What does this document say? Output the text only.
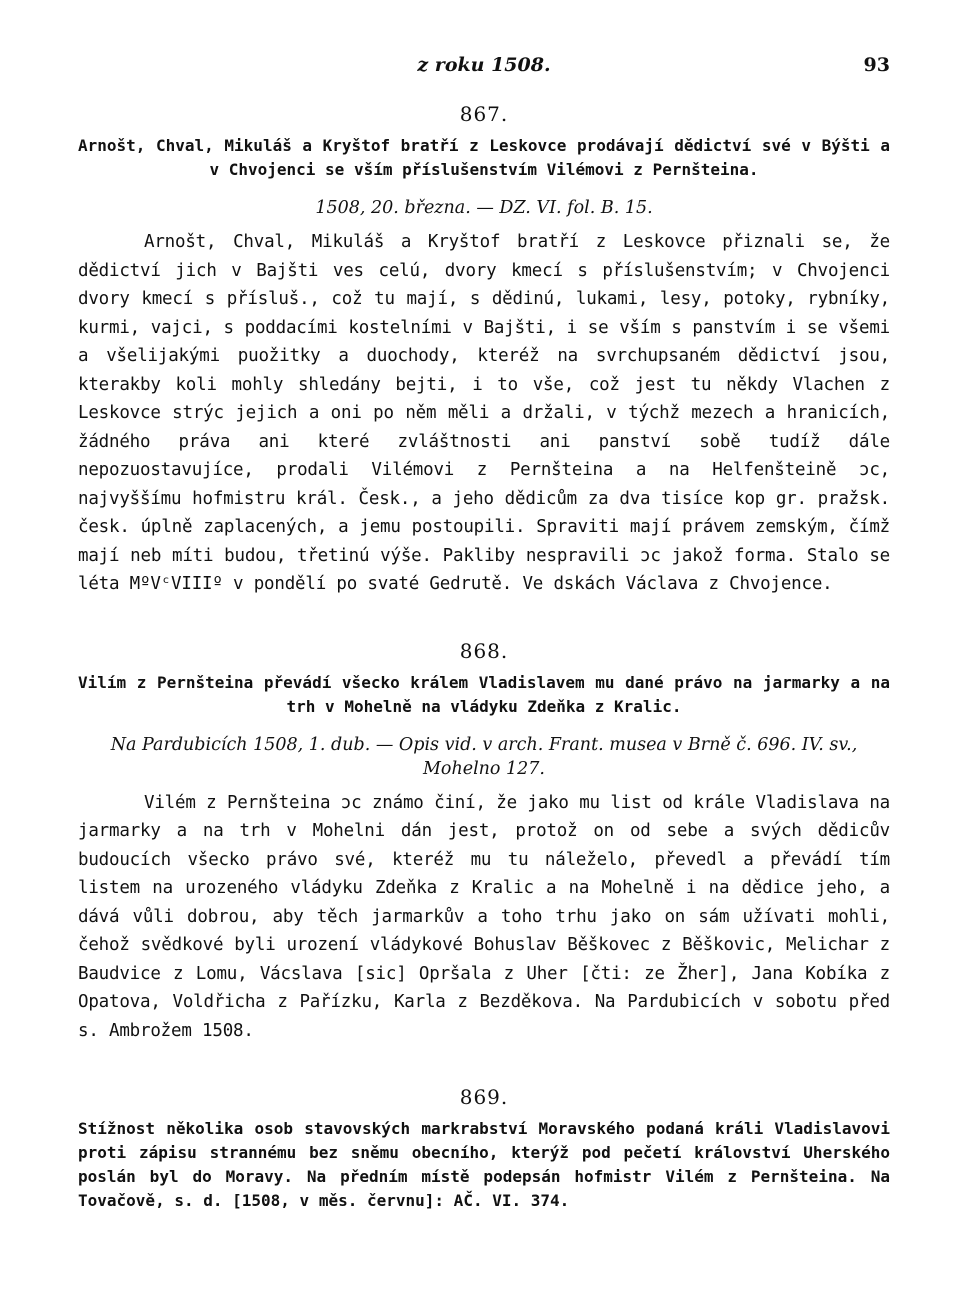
z roku 1508.	93
867.

Arnošt, Chval, Mikuláš a Kryštof bratří z Leskovce prodávají dědictví své v Býšti a v Chvojenci se vším příslušenstvím Vilémovi z Pernšteina.

1508, 20. března. — DZ. VI. fol. B. 15.

Arnošt, Chval, Mikuláš a Kryštof bratří z Leskovce přiznali se, že dědictví jich v Bajšti ves celú, dvory kmecí s příslušenstvím; v Chvojenci dvory kmecí s přísluš., což tu mají, s dědinú, lukami, lesy, potoky, rybníky, kurmi, vajci, s poddacími kostelními v Bajšti, i se vším s panstvím i se všemi a všelijakými puožitky a duochody, kteréž na svrchupsaném dědictví jsou, kterakby koli mohly shledány bejti, i to vše, což jest tu někdy Vlachen z Leskovce strýc jejich a oni po něm měli a držali, v týchž mezech a hranicích, žádného práva ani které zvláštnosti ani panství sobě tudíž dále nepozuostavujíce, prodali Vilémovi z Pernšteina a na Helfenšteině ɔc, najvyššímu hofmistru král. Česk., a jeho dědicům za dva tisíce kop gr. pražsk. česk. úplně zaplacených, a jemu postoupili. Spraviti mají právem zemským, čímž mají neb míti budou, třetinú výše. Pakliby nespravili ɔc jakož forma. Stalo se léta MºVᶜVIIIº v pondělí po svaté Gedrutě. Ve dskách Václava z Chvojence.

868.

Vilím z Pernšteina převádí všecko králem Vladislavem mu dané právo na jarmarky a na trh v Mohelně na vládyku Zdeňka z Kralic.

Na Pardubicích 1508, 1. dub. — Opis vid. v arch. Frant. musea v Brně č. 696. IV. sv., Mohelno 127.

Vilém z Pernšteina ɔc známo činí, že jako mu list od krále Vladislava na jarmarky a na trh v Mohelni dán jest, protož on od sebe a svých dědicův budoucích všecko právo své, kteréž mu tu náleželo, převedl a převádí tím listem na urozeného vládyku Zdeňka z Kralic a na Mohelně i na dědice jeho, a dává vůli dobrou, aby těch jarmarkův a toho trhu jako on sám užívati mohli, čehož svědkové byli urození vládykové Bohuslav Běškovec z Běškovic, Melichar z Baudvice z Lomu, Vácslava [sic] Opršala z Uher [čti: ze Žher], Jana Kobíka z Opatova, Voldřicha z Pařízku, Karla z Bezděkova. Na Pardubicích v sobotu před s. Ambrožem 1508.

869.

Stížnost několika osob stavovských markrabství Moravského podaná králi Vladislavovi proti zápisu strannému bez sněmu obecního, kterýž pod pečetí království Uherského poslán byl do Moravy. Na předním místě podepsán hofmistr Vilém z Pernšteina. Na Tovačově, s. d. [1508, v měs. červnu]: AČ. VI. 374.
